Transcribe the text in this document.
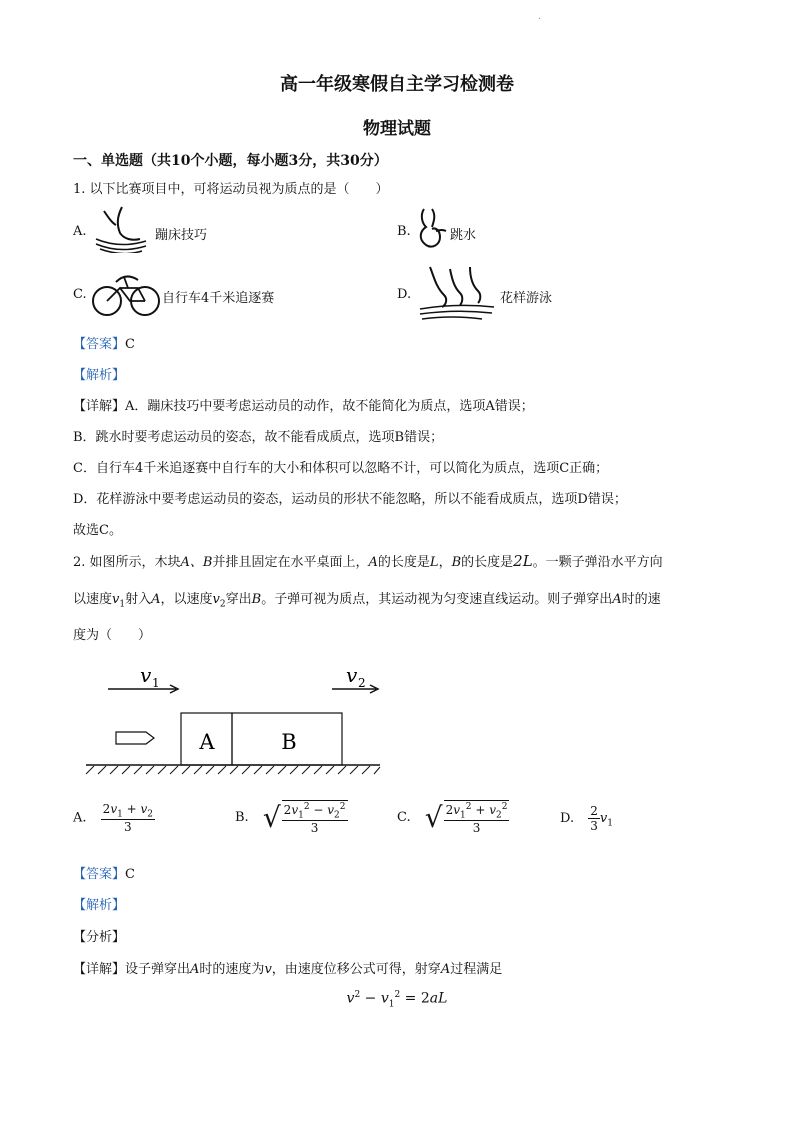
.
高一年级寒假自主学习检测卷
物理试题
一、单选题（共10个小题，每小题3分，共30分）
1. 以下比赛项目中，可将运动员视为质点的是（　　）
A.	蹦床技巧	B.	跳水
C.	自行车4千米追逐赛	D.	花样游泳
【答案】C
【解析】
【详解】A．蹦床技巧中要考虑运动员的动作，故不能简化为质点，选项A错误；
B．跳水时要考虑运动员的姿态，故不能看成质点，选项B错误；
C．自行车4千米追逐赛中自行车的大小和体积可以忽略不计，可以简化为质点，选项C正确；
D．花样游泳中要考虑运动员的姿态，运动员的形状不能忽略，所以不能看成质点，选项D错误；
故选C。
2. 如图所示，木块A、B并排且固定在水平桌面上，A的长度是L，B的长度是2L。一颗子弹沿水平方向
以速度$v_1$射入A，以速度$v_2$穿出B。子弹可视为质点，其运动视为匀变速直线运动。则子弹穿出A时的速
度为（　　）
v 1	v 2
A	B
A. $\frac{2v_1 + v_2}{3}$	B. √ $\frac{2v_1^2 - v_2^2}{3}$	C. √ $\frac{2v_1^2 + v_2^2}{3}$	D. $\frac{2}{3} v_1$
【答案】C
【解析】
【分析】
【详解】设子弹穿出A时的速度为v，由速度位移公式可得，射穿A过程满足
$v^2 - v_1^2 = 2aL$
